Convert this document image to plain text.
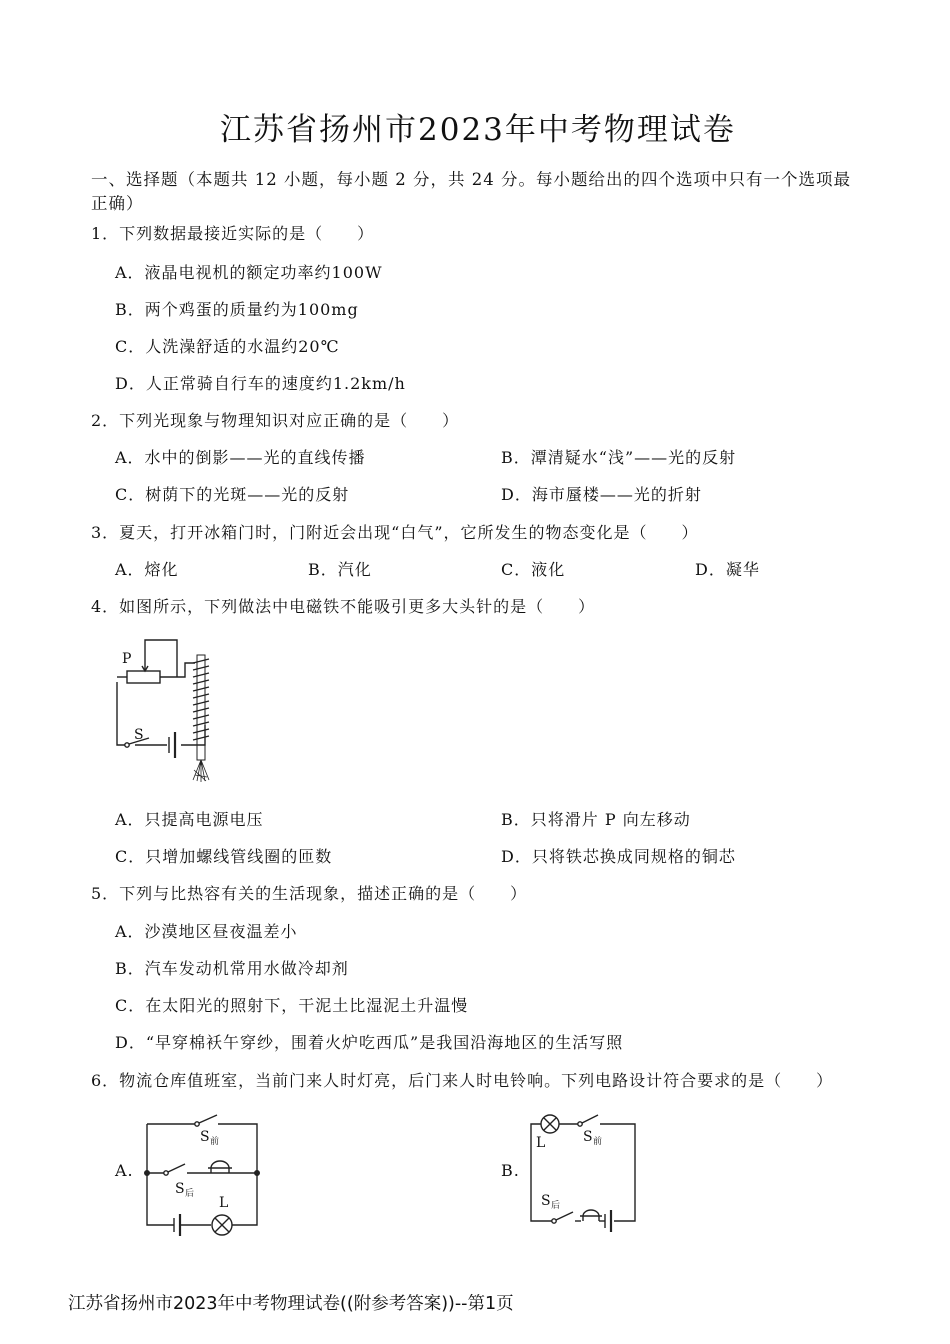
江苏省扬州市2023年中考物理试卷
一、选择题（本题共 12 小题，每小题 2 分，共 24 分。每小题给出的四个选项中只有一个选项最
正确）
1．下列数据最接近实际的是（　　）
A．液晶电视机的额定功率约100W
B．两个鸡蛋的质量约为100mg
C．人洗澡舒适的水温约20℃
D．人正常骑自行车的速度约1.2km/h
2．下列光现象与物理知识对应正确的是（　　）
A．水中的倒影——光的直线传播	B．潭清疑水“浅”——光的反射
C．树荫下的光斑——光的反射	D．海市蜃楼——光的折射
3．夏天，打开冰箱门时，门附近会出现“白气”，它所发生的物态变化是（　　）
A．熔化	B．汽化	C．液化	D．凝华
4．如图所示，下列做法中电磁铁不能吸引更多大头针的是（　　）
P
S
A．只提高电源电压	B．只将滑片 P 向左移动
C．只增加螺线管线圈的匝数	D．只将铁芯换成同规格的铜芯
5．下列与比热容有关的生活现象，描述正确的是（　　）
A．沙漠地区昼夜温差小
B．汽车发动机常用水做冷却剂
C．在太阳光的照射下，干泥土比湿泥土升温慢
D．“早穿棉袄午穿纱，围着火炉吃西瓜”是我国沿海地区的生活写照
6．物流仓库值班室，当前门来人时灯亮，后门来人时电铃响。下列电路设计符合要求的是（　　）
A.
S 前
S 后
L
B.
L	S 前
S 后
江苏省扬州市2023年中考物理试卷((附参考答案))--第1页
